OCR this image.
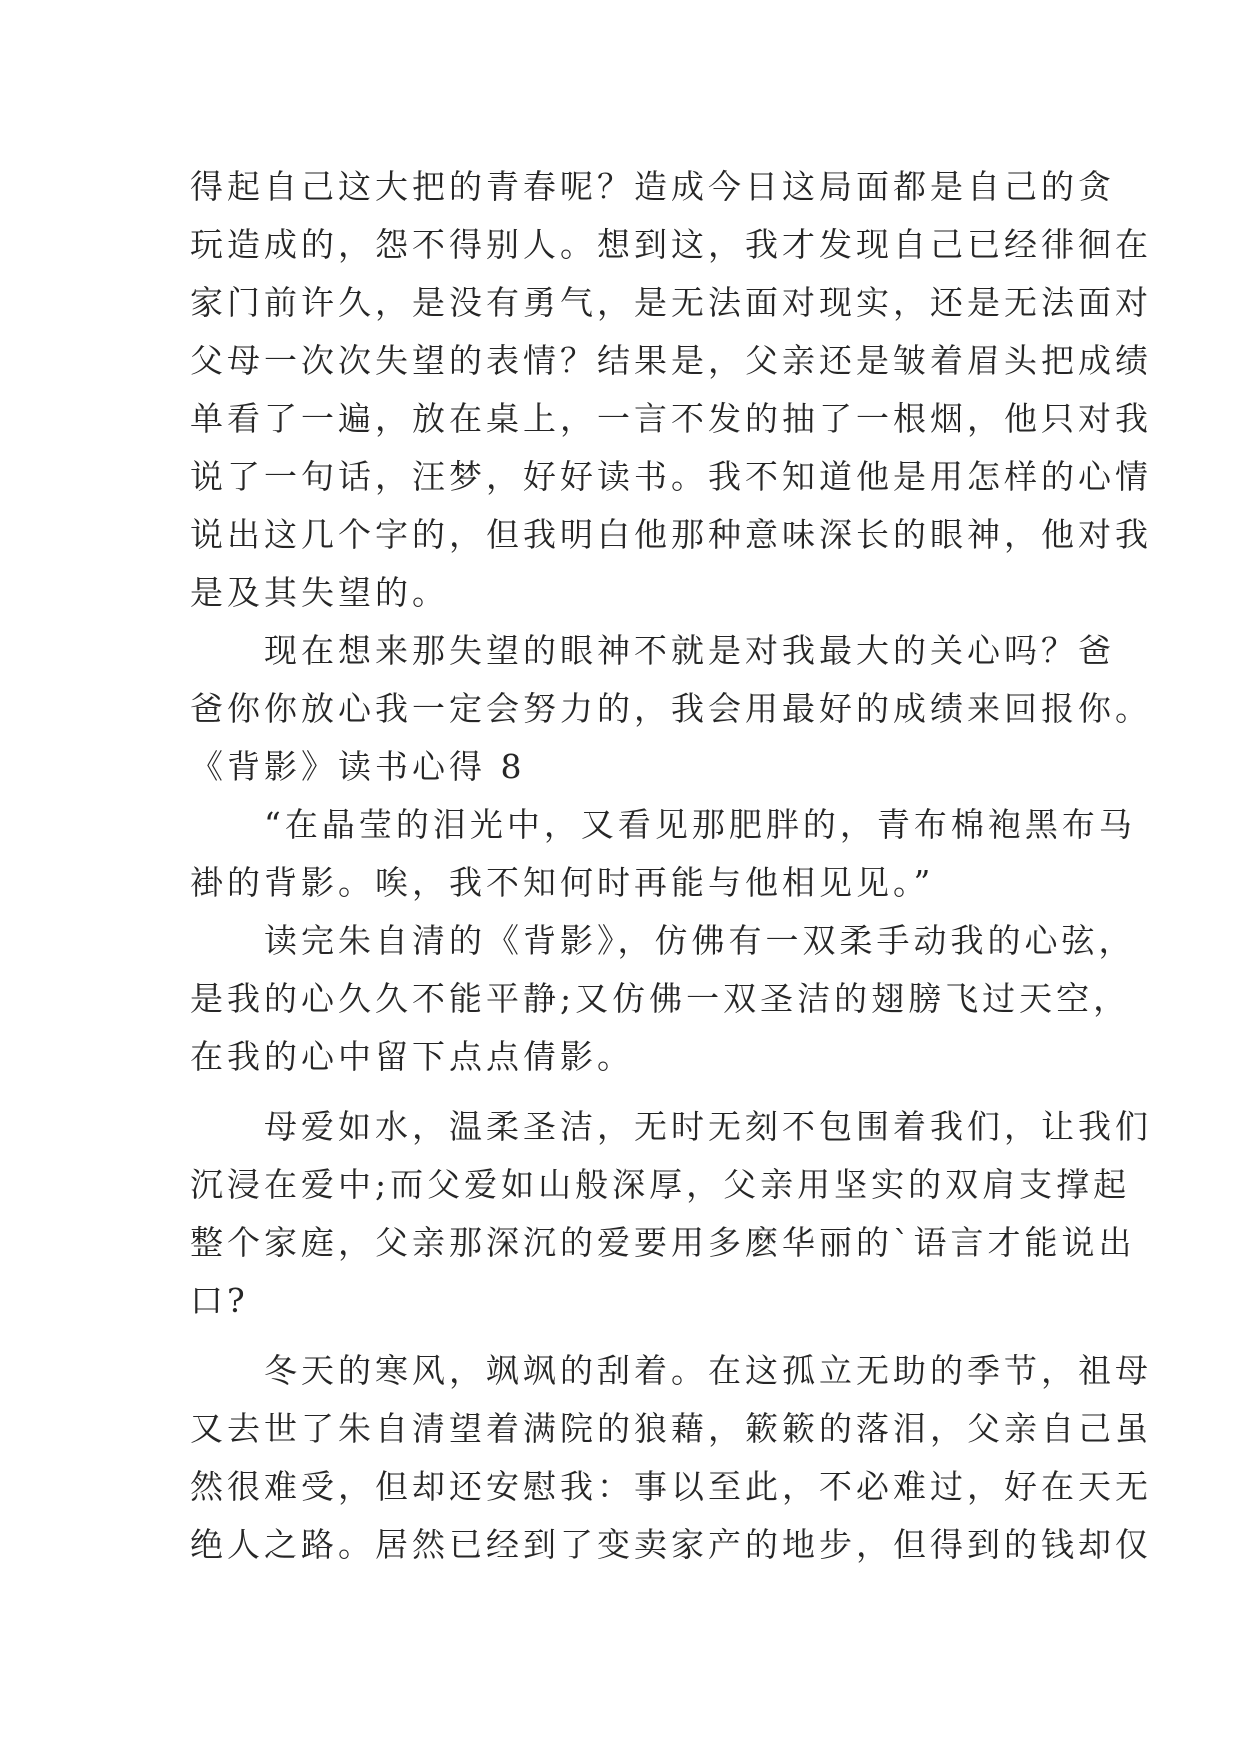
得起自己这大把的青春呢？造成今日这局面都是自己的贪
玩造成的，怨不得别人。想到这，我才发现自己已经徘徊在
家门前许久，是没有勇气，是无法面对现实，还是无法面对
父母一次次失望的表情？结果是，父亲还是皱着眉头把成绩
单看了一遍，放在桌上，一言不发的抽了一根烟，他只对我
说了一句话，汪梦，好好读书。我不知道他是用怎样的心情
说出这几个字的，但我明白他那种意味深长的眼神，他对我
是及其失望的。
　　现在想来那失望的眼神不就是对我最大的关心吗？爸
爸你你放心我一定会努力的，我会用最好的成绩来回报你。
《背影》读书心得 8
　　“在晶莹的泪光中，又看见那肥胖的，青布棉袍黑布马
褂的背影。唉，我不知何时再能与他相见见。”
　　读完朱自清的《背影》，仿佛有一双柔手动我的心弦，
是我的心久久不能平静;又仿佛一双圣洁的翅膀飞过天空，
在我的心中留下点点倩影。
　　母爱如水，温柔圣洁，无时无刻不包围着我们，让我们
沉浸在爱中;而父爱如山般深厚，父亲用坚实的双肩支撑起
整个家庭，父亲那深沉的爱要用多麽华丽的`语言才能说出
口?
　　冬天的寒风，飒飒的刮着。在这孤立无助的季节，祖母
又去世了朱自清望着满院的狼藉，簌簌的落泪，父亲自己虽
然很难受，但却还安慰我：事以至此，不必难过，好在天无
绝人之路。居然已经到了变卖家产的地步，但得到的钱却仅
